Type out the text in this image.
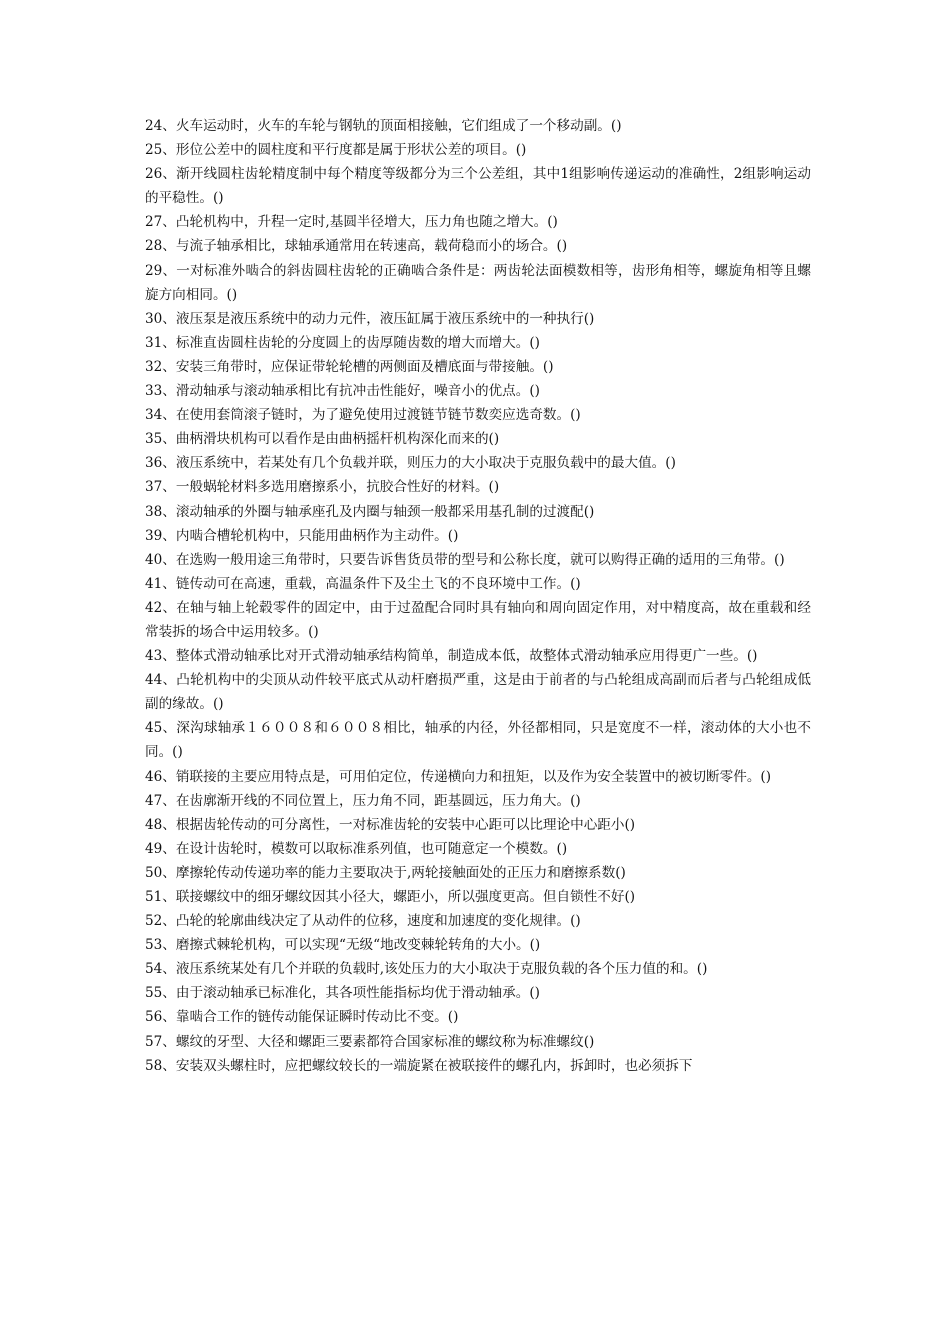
24、火车运动时，火车的车轮与钢轨的顶面相接触，它们组成了一个移动副。()

25、形位公差中的圆柱度和平行度都是属于形状公差的项目。()

26、渐开线圆柱齿轮精度制中每个精度等级都分为三个公差组，其中1组影响传递运动的准确性，2组影响运动的平稳性。()

27、凸轮机构中，升程一定时,基圆半径增大，压力角也随之增大。()

28、与流子轴承相比，球轴承通常用在转速高，载荷稳而小的场合。()

29、一对标准外啮合的斜齿圆柱齿轮的正确啮合条件是：两齿轮法面模数相等，齿形角相等，螺旋角相等且螺旋方向相同。()

30、液压泵是液压系统中的动力元件，液压缸属于液压系统中的一种执行()

31、标准直齿圆柱齿轮的分度圆上的齿厚随齿数的增大而增大。()

32、安装三角带时，应保证带轮轮槽的两侧面及槽底面与带接触。()

33、滑动轴承与滚动轴承相比有抗冲击性能好，噪音小的优点。()

34、在使用套筒滚子链时，为了避免使用过渡链节链节数奕应选奇数。()

35、曲柄滑块机构可以看作是由曲柄摇杆机构深化而来的()

36、液压系统中，若某处有几个负载并联，则压力的大小取决于克服负载中的最大值。()

37、一般蜗轮材料多选用磨擦系小，抗胶合性好的材料。()

38、滚动轴承的外圈与轴承座孔及内圈与轴颈一般都采用基孔制的过渡配()

39、内啮合槽轮机构中，只能用曲柄作为主动件。()

40、在选购一般用途三角带时，只要告诉售货员带的型号和公称长度，就可以购得正确的适用的三角带。()

41、链传动可在高速，重载，高温条件下及尘土飞的不良环境中工作。()

42、在轴与轴上轮毂零件的固定中，由于过盈配合同时具有轴向和周向固定作用，对中精度高，故在重载和经常装拆的场合中运用较多。()

43、整体式滑动轴承比对开式滑动轴承结构简单，制造成本低，故整体式滑动轴承应用得更广一些。()

44、凸轮机构中的尖顶从动件较平底式从动杆磨损严重，这是由于前者的与凸轮组成高副而后者与凸轮组成低副的缘故。()

45、深沟球轴承１６００８和６００８相比，轴承的内径，外径都相同，只是宽度不一样，滚动体的大小也不同。()

46、销联接的主要应用特点是，可用伯定位，传递横向力和扭矩，以及作为安全装置中的被切断零件。()

47、在齿廓渐开线的不同位置上，压力角不同，距基圆远，压力角大。()

48、根据齿轮传动的可分离性，一对标准齿轮的安装中心距可以比理论中心距小()

49、在设计齿轮时，模数可以取标准系列值，也可随意定一个模数。()

50、摩擦轮传动传递功率的能力主要取决于,两轮接触面处的正压力和磨擦系数()

51、联接螺纹中的细牙螺纹因其小径大，螺距小，所以强度更高。但自锁性不好()

52、凸轮的轮廓曲线决定了从动件的位移，速度和加速度的变化规律。()

53、磨擦式棘轮机构，可以实现“无级“地改变棘轮转角的大小。()

54、液压系统某处有几个并联的负载时,该处压力的大小取决于克服负载的各个压力值的和。()

55、由于滚动轴承已标准化，其各项性能指标均优于滑动轴承。()

56、靠啮合工作的链传动能保证瞬时传动比不变。()

57、螺纹的牙型、大径和螺距三要素都符合国家标准的螺纹称为标准螺纹()

58、安装双头螺柱时，应把螺纹较长的一端旋紧在被联接件的螺孔内，拆卸时，也必须拆下
